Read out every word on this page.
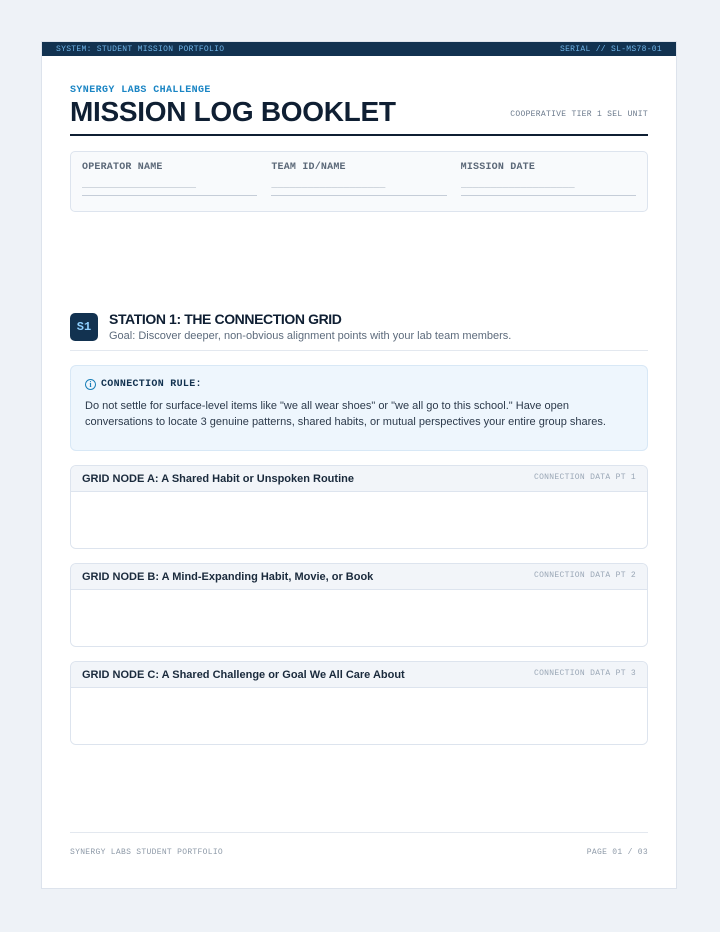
SYSTEM: STUDENT MISSION PORTFOLIO	SERIAL // SL-MS78-01
SYNERGY LABS CHALLENGE
MISSION LOG BOOKLET	COOPERATIVE TIER 1 SEL UNIT
OPERATOR NAME
___________________
TEAM ID/NAME
___________________
MISSION DATE
___________________
S1	STATION 1: THE CONNECTION GRID
Goal: Discover deeper, non-obvious alignment points with your lab team members.
i CONNECTION RULE:
Do not settle for surface-level items like "we all wear shoes" or "we all go to this school." Have open conversations to locate 3 genuine patterns, shared habits, or mutual perspectives your entire group shares.
GRID NODE A: A Shared Habit or Unspoken Routine	CONNECTION DATA PT 1
GRID NODE B: A Mind-Expanding Habit, Movie, or Book	CONNECTION DATA PT 2
GRID NODE C: A Shared Challenge or Goal We All Care About	CONNECTION DATA PT 3
SYNERGY LABS STUDENT PORTFOLIO	PAGE 01 / 03
